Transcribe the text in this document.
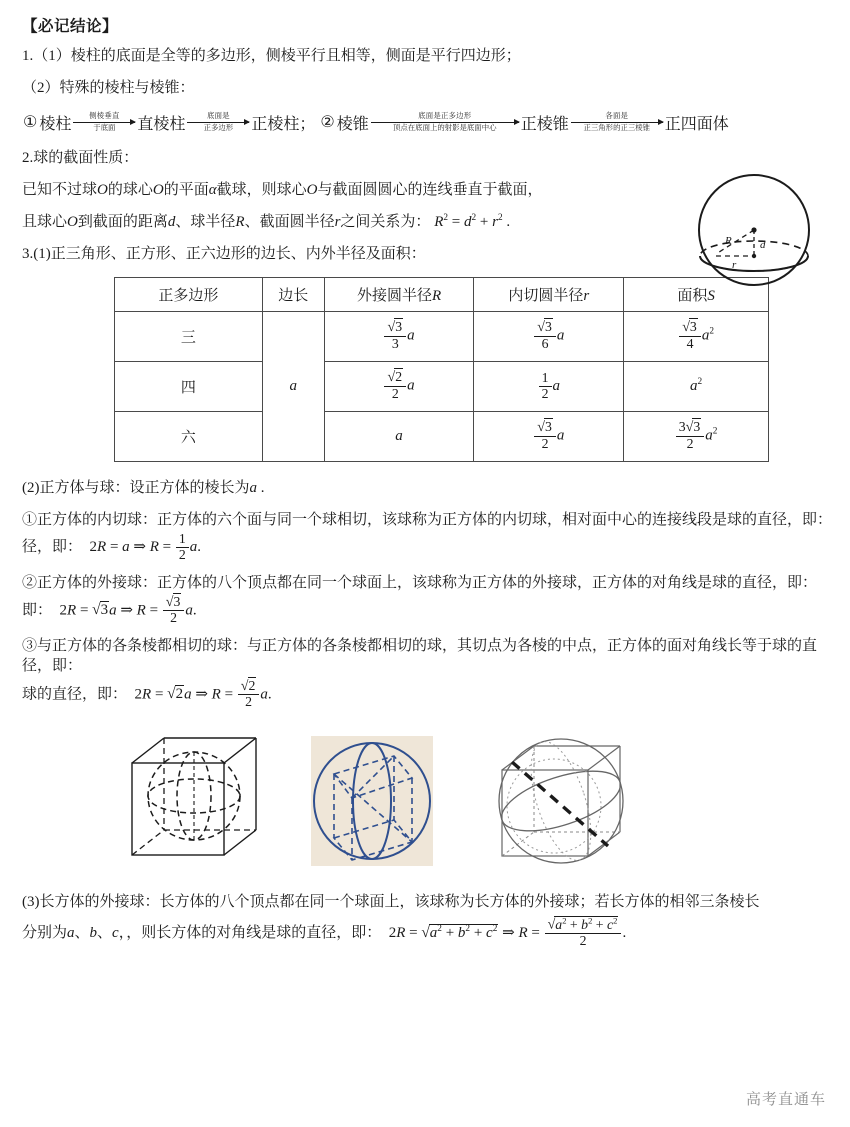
【必记结论】
1.（1）棱柱的底面是全等的多边形，侧棱平行且相等，侧面是平行四边形；
（2）特殊的棱柱与棱锥：
① 棱柱
侧棱垂直
于底面 直棱柱
底面是
正多边形 正棱柱； ② 棱锥
底面是正多边形
顶点在底面上的射影是底面中心 正棱锥
各面是
正三角形的正三棱锥 正四面体
2.球的截面性质：
已知不过球O的球心O的平面α截球，则球心O与截面圆圆心的连线垂直于截面，
且球心O到截面的距离d、球半径R、截面圆半径r之间关系为： $R^2 = d^2 + r^2$ .
R	d
r
3.(1)正三角形、正方形、正六边形的边长、内外半径及面积：
正多边形	边长	外接圆半径R	内切圆半径r	面积S
三	a	$\frac{√3}{3}$ a	$\frac{√3}{6}$ a	$\frac{√3}{4} a^2$
四		$\frac{√2}{2}$ a	$\frac{1}{2}$ a	$a^2$
六		a	$\frac{√3}{2}$ a	$\frac{3√3}{2} a^2$
(2)正方体与球：设正方体的棱长为a .
①正方体的内切球：正方体的六个面与同一个球相切，该球称为正方体的内切球，相对面中心的连接线段是球的直径，即：
径，即： 2R = a ⇒ $R = \frac{1}{2} a$.
②正方体的外接球：正方体的八个顶点都在同一个球面上，该球称为正方体的外接球，正方体的对角线是球的直径，即：
即： 2R = √3a ⇒ $R = \frac{√3}{2} a$.
③与正方体的各条棱都相切的球：与正方体的各条棱都相切的球，其切点为各棱的中点，正方体的面对角线长等于球的直径，即：
球的直径，即： 2R = √2a ⇒ $R = \frac{√2}{2} a$.
(3)长方体的外接球：长方体的八个顶点都在同一个球面上，该球称为长方体的外接球；若长方体的相邻三条棱长
分别为a、b、c，，则长方体的对角线是球的直径，即：  $2R = √a^2 + b^2 + c^2$ ⇒ $R = \frac{√a^2 + b^2 + c^2}{2}$ .
高考直通车
